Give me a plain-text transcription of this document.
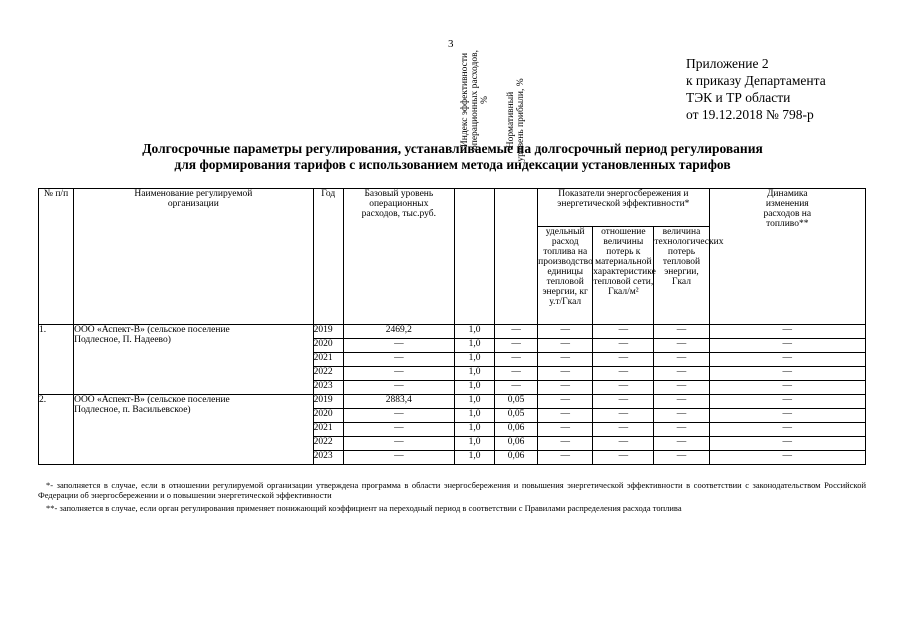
3
Приложение 2
к приказу Департамента
ТЭК и ТР области
от 19.12.2018 № 798-р
Долгосрочные параметры регулирования, устанавливаемые на долгосрочный период регулирования
для формирования тарифов с использованием метода индексации установленных тарифов
№ п/п	Наименование регулируемой организации	Год	Базовый уровень операционных расходов, тыс.руб.	Индекс эффективности операционных расходов, %	Нормативный уровень прибыли, %	Показатели энергосбережения и энергетической эффективности*			Динамика изменения расходов на топливо**
						удельный расход топлива на производство единицы тепловой энергии, кг у.т/Гкал	отношение величины потерь к материальной характеристике тепловой сети, Гкал/м²	величина технологических потерь тепловой энергии, Гкал	
1.	ООО «Аспект-В» (сельское поселение Подлесное, П. Надеево)	2019	2469,2	1,0	—	—	—	—	—
		2020	—	1,0	—	—	—	—	—
		2021	—	1,0	—	—	—	—	—
		2022	—	1,0	—	—	—	—	—
		2023	—	1,0	—	—	—	—	—
2.	ООО «Аспект-В» (сельское поселение Подлесное, п. Васильевское)	2019	2883,4	1,0	0,05	—	—	—	—
		2020	—	1,0	0,05	—	—	—	—
		2021	—	1,0	0,06	—	—	—	—
		2022	—	1,0	0,06	—	—	—	—
		2023	—	1,0	0,06	—	—	—	—
*- заполняется в случае, если в отношении регулируемой организации утверждена программа в области энергосбережения и повышения энергетической эффективности в соответствии с законодательством Российской Федерации об энергосбережении и о повышении энергетической эффективности
**- заполняется в случае, если орган регулирования применяет понижающий коэффициент на переходный период в соответствии с Правилами распределения расхода топлива
